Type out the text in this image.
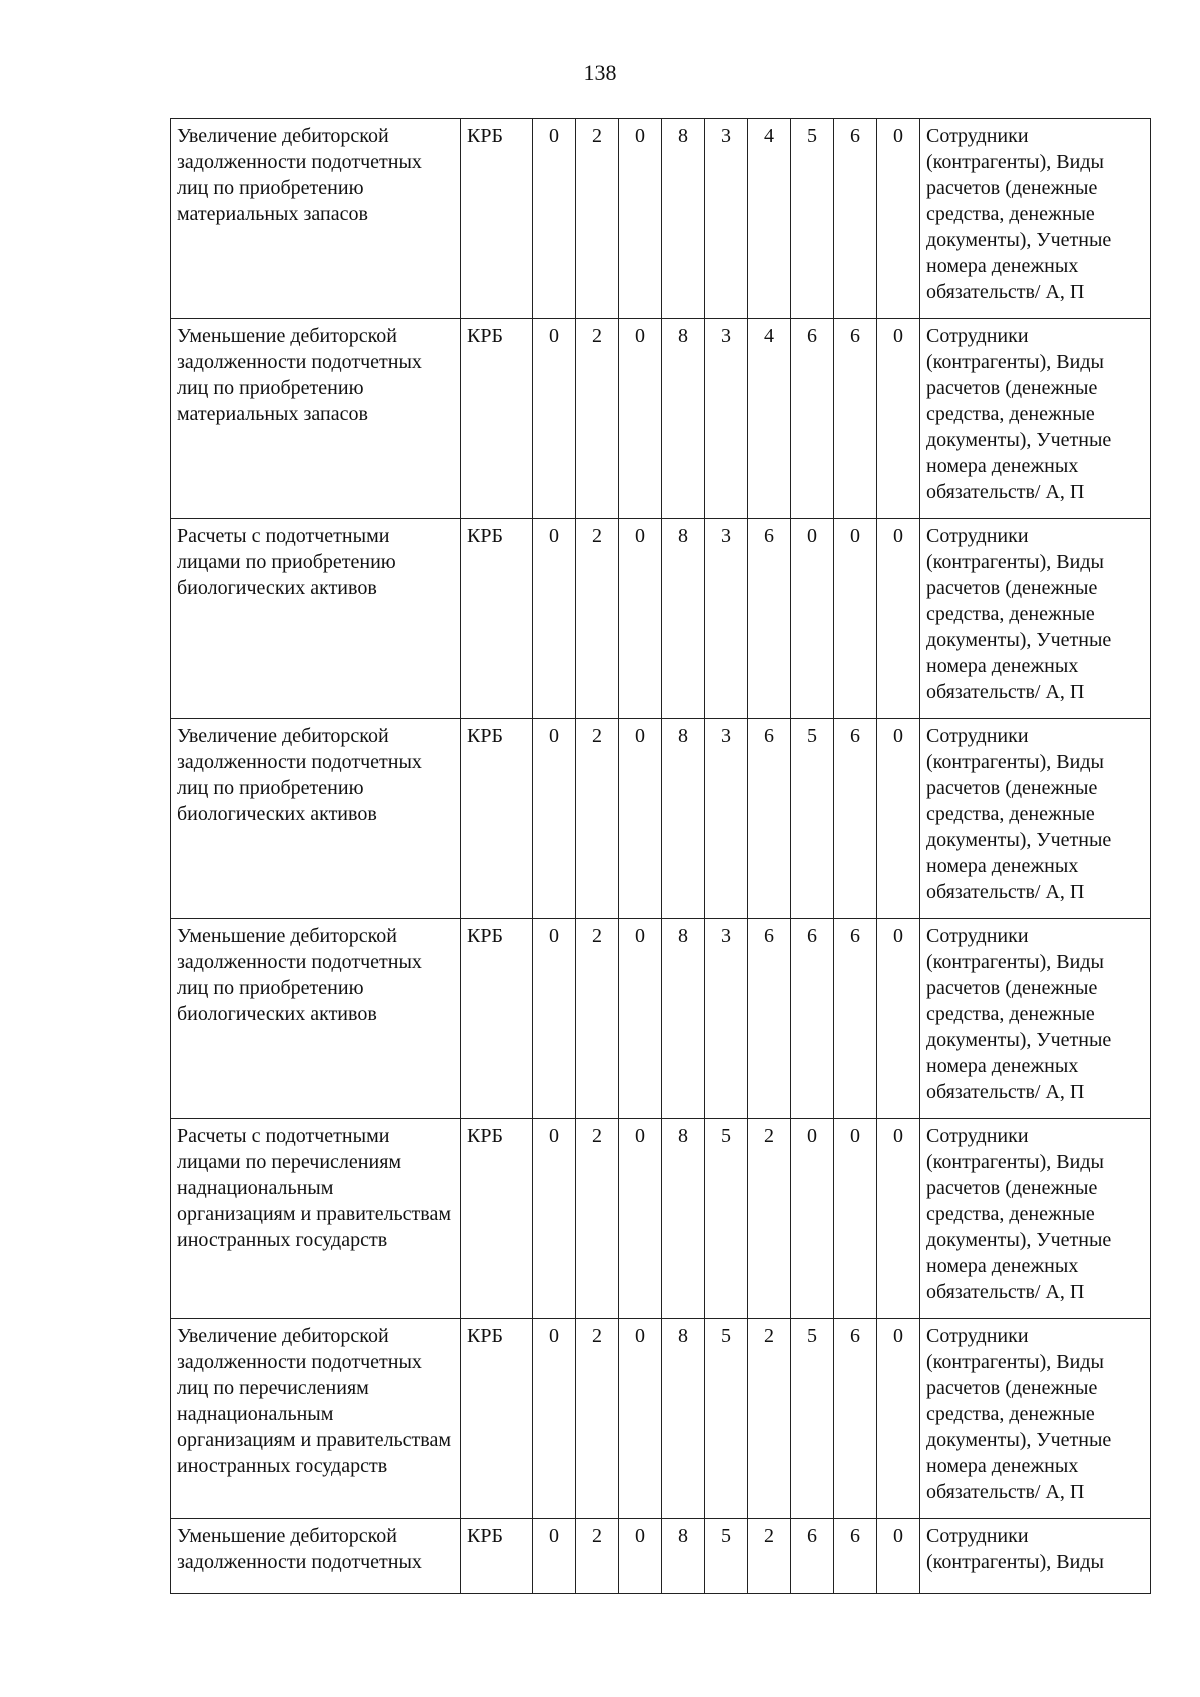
138
Увеличение дебиторской задолженности подотчетных лиц по приобретению материальных запасов	КРБ	0	2	0	8	3	4	5	6	0	Сотрудники (контрагенты), Виды расчетов (денежные средства, денежные документы), Учетные номера денежных обязательств/ А, П
Уменьшение дебиторской задолженности подотчетных лиц по приобретению материальных запасов	КРБ	0	2	0	8	3	4	6	6	0	Сотрудники (контрагенты), Виды расчетов (денежные средства, денежные документы), Учетные номера денежных обязательств/ А, П
Расчеты с подотчетными лицами по приобретению биологических активов	КРБ	0	2	0	8	3	6	0	0	0	Сотрудники (контрагенты), Виды расчетов (денежные средства, денежные документы), Учетные номера денежных обязательств/ А, П
Увеличение дебиторской задолженности подотчетных лиц по приобретению биологических активов	КРБ	0	2	0	8	3	6	5	6	0	Сотрудники (контрагенты), Виды расчетов (денежные средства, денежные документы), Учетные номера денежных обязательств/ А, П
Уменьшение дебиторской задолженности подотчетных лиц по приобретению биологических активов	КРБ	0	2	0	8	3	6	6	6	0	Сотрудники (контрагенты), Виды расчетов (денежные средства, денежные документы), Учетные номера денежных обязательств/ А, П
Расчеты с подотчетными лицами по перечислениям наднациональным организациям и правительствам иностранных государств	КРБ	0	2	0	8	5	2	0	0	0	Сотрудники (контрагенты), Виды расчетов (денежные средства, денежные документы), Учетные номера денежных обязательств/ А, П
Увеличение дебиторской задолженности подотчетных лиц по перечислениям наднациональным организациям и правительствам иностранных государств	КРБ	0	2	0	8	5	2	5	6	0	Сотрудники (контрагенты), Виды расчетов (денежные средства, денежные документы), Учетные номера денежных обязательств/ А, П
Уменьшение дебиторской задолженности подотчетных	КРБ	0	2	0	8	5	2	6	6	0	Сотрудники (контрагенты), Виды
